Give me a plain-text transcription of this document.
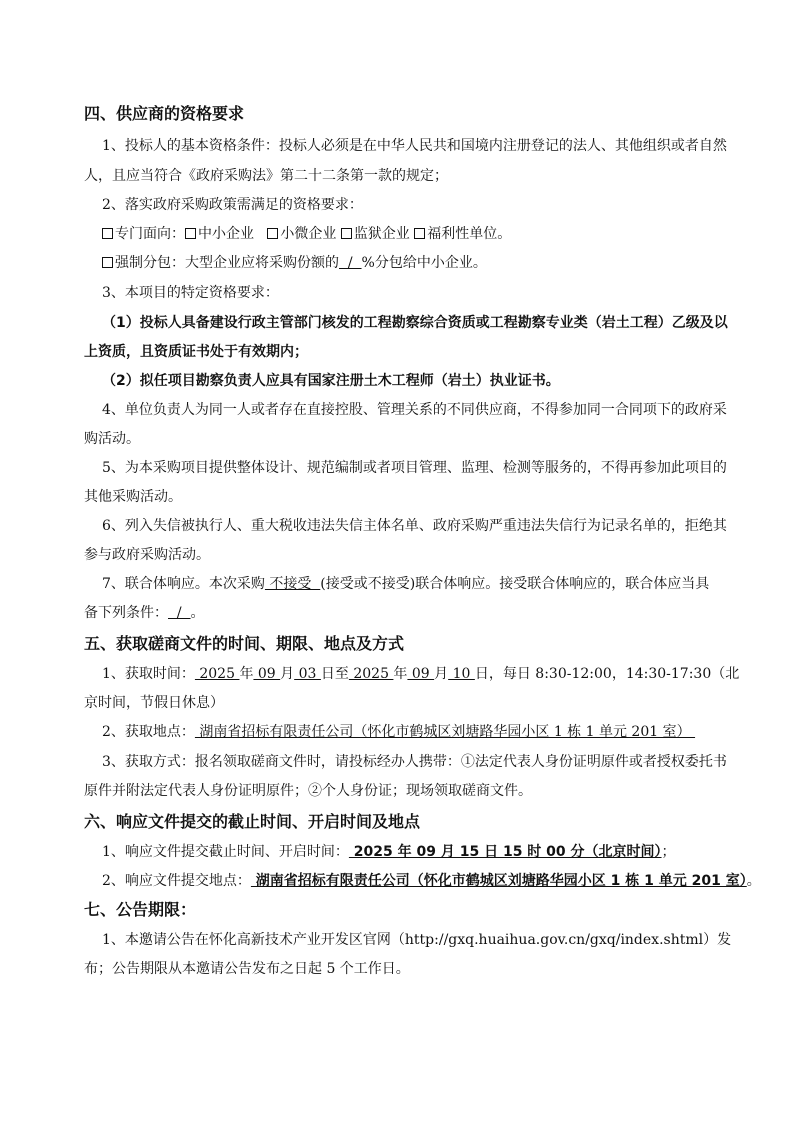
四、供应商的资格要求
1、投标人的基本资格条件：投标人必须是在中华人民共和国境内注册登记的法人、其他组织或者自然
人，且应当符合《政府采购法》第二十二条第一款的规定；
2、落实政府采购政策需满足的资格要求：
专门面向： 中小企业 小微企业 监狱企业 福利性单位。
强制分包：大型企业应将采购份额的  /  %分包给中小企业。
3、本项目的特定资格要求：
（1）投标人具备建设行政主管部门核发的工程勘察综合资质或工程勘察专业类（岩土工程）乙级及以
上资质，且资质证书处于有效期内；
（2）拟任项目勘察负责人应具有国家注册土木工程师（岩土）执业证书。
4、单位负责人为同一人或者存在直接控股、管理关系的不同供应商，不得参加同一合同项下的政府采
购活动。
5、为本采购项目提供整体设计、规范编制或者项目管理、监理、检测等服务的，不得再参加此项目的
其他采购活动。
6、列入失信被执行人、重大税收违法失信主体名单、政府采购严重违法失信行为记录名单的，拒绝其
参与政府采购活动。
7、联合体响应。本次采购 不接受  (接受或不接受)联合体响应。接受联合体响应的，联合体应当具
备下列条件：  /  。
五、获取磋商文件的时间、期限、地点及方式
1、获取时间： 2025 年 09 月 03 日至 2025 年 09 月 10 日，每日 8:30-12:00，14:30-17:30（北
京时间，节假日休息）
2、获取地点： 湖南省招标有限责任公司（怀化市鹤城区刘塘路华园小区 1 栋 1 单元 201 室）
3、获取方式：报名领取磋商文件时，请投标经办人携带：①法定代表人身份证明原件或者授权委托书
原件并附法定代表人身份证明原件；②个人身份证；现场领取磋商文件。
六、响应文件提交的截止时间、开启时间及地点
1、响应文件提交截止时间、开启时间： 2025 年 09 月 15 日 15 时 00 分（北京时间）；
2、响应文件提交地点： 湖南省招标有限责任公司（怀化市鹤城区刘塘路华园小区 1 栋 1 单元 201 室）。
七、公告期限：
1、本邀请公告在怀化高新技术产业开发区官网（http://gxq.huaihua.gov.cn/gxq/index.shtml）发
布；公告期限从本邀请公告发布之日起 5 个工作日。
